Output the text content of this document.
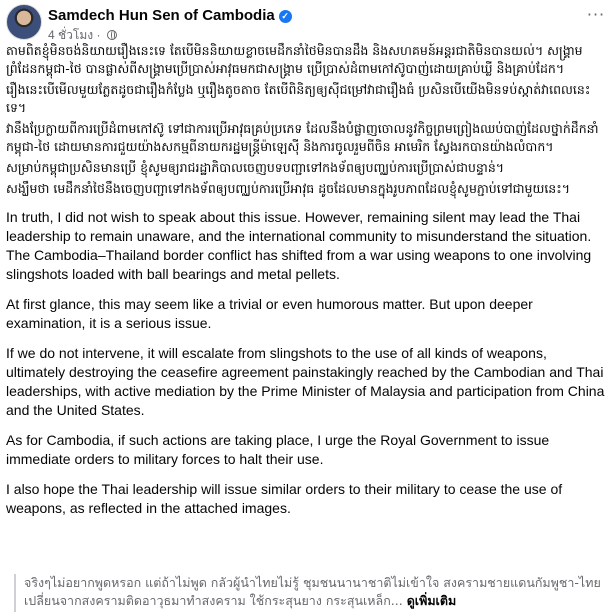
Samdech Hun Sen of Cambodia ✓
4 ชั่วโมง ·
···

តាមពិតខ្ញុំមិនចង់និយាយរឿងនេះទេ តែបើមិននិយាយខ្លាចមេដឹកនាំថៃមិនបានដឹង និងសហគមន៍អន្តរជាតិមិនបានយល់។ សង្គ្រាមព្រំដែនកម្ពុជា-ថៃ បានផ្លាស់ពីសង្គ្រាមប្រើប្រាស់អាវុធមកជាសង្គ្រាម ប្រើប្រាស់ដំពាមកៅស៊ូបាញ់ដោយគ្រាប់ឃ្លី និងគ្រាប់ដែក។

រឿងនេះបើមើលមួយភ្លែតដូចជារឿងកំប្លែង ឬរឿងតូចតាច តែបើពិនិត្យឲ្យស៊ីជម្រៅវាជារឿងធំ ប្រសិនបើយើងមិនទប់ស្កាត់វាពេលនេះទេ។

វានឹងប្រែក្លាយពីការប្រើដំពាមកៅស៊ូ ទៅជាការប្រើអាវុធគ្រប់ប្រភេទ ដែលនឹងបំផ្លាញចោលនូវកិច្ចព្រមព្រៀងឈប់បាញ់ដែលថ្នាក់ដឹកនាំកម្ពុជា-ថៃ ដោយមានការជួយយ៉ាងសកម្មពីនាយករដ្ឋមន្ត្រីម៉ាឡេស៊ី និងការចូលរួមពីចិន អាមេរិក ស្វែងរកបានយ៉ាងលំបាក។

សម្រាប់កម្ពុជាប្រសិនមានប្រើ ខ្ញុំសូមឲ្យរាជរដ្ឋាភិបាលចេញបទបញ្ជាទៅកងទ័ពឲ្យបញ្ឈប់ការប្រើប្រាស់ជាបន្ទាន់។

សង្ឃឹមថា មេដឹកនាំថៃនឹងចេញបញ្ជាទៅកងទ័ពឲ្យបញ្ឈប់ការប្រើអាវុធ ដូចដែលមានក្នុងរូបភាពដែលខ្ញុំសូមភ្ជាប់ទៅជាមួយនេះ។

In truth, I did not wish to speak about this issue. However, remaining silent may lead the Thai leadership to remain unaware, and the international community to misunderstand the situation. The Cambodia–Thailand border conflict has shifted from a war using weapons to one involving slingshots loaded with ball bearings and metal pellets.

At first glance, this may seem like a trivial or even humorous matter. But upon deeper examination, it is a serious issue.

If we do not intervene, it will escalate from slingshots to the use of all kinds of weapons, ultimately destroying the ceasefire agreement painstakingly reached by the Cambodian and Thai leaderships, with active mediation by the Prime Minister of Malaysia and participation from China and the United States.

As for Cambodia, if such actions are taking place, I urge the Royal Government to issue immediate orders to military forces to halt their use.

I also hope the Thai leadership will issue similar orders to their military to cease the use of weapons, as reflected in the attached images.

จริงๆไม่อยากพูดหรอก แต่ถ้าไม่พูด กลัวผู้นำไทยไม่รู้ ชุมชนนานาชาติไม่เข้าใจ สงครามชายแดนกัมพูชา-ไทย เปลี่ยนจากสงครามติดอาวุธมาทำสงคราม ใช้กระสุนยาง กระสุนเหล็ก... ดูเพิ่มเติม
